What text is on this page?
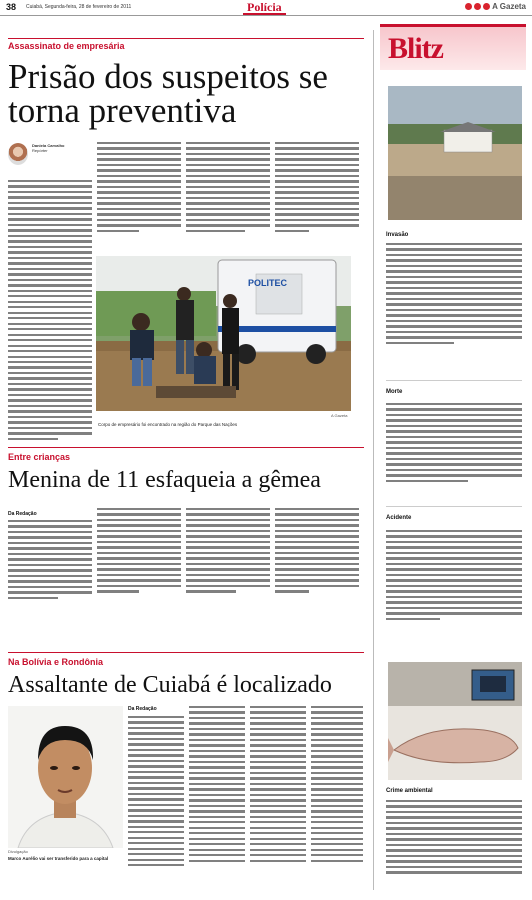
38 Cuiabá, Segunda-feira, 28 de fevereiro de 2011	Polícia	A Gazeta
Assassinato de empresária
Prisão dos suspeitos se torna preventiva
Daniela Carvalho
Repórter
POLITEC
Corpo de empresário foi encontrado na região do Parque das Nações
A Gazeta
Entre crianças
Menina de 11 esfaqueia a gêmea
Da Redação
Na Bolívia e Rondônia
Assaltante de Cuiabá é localizado
Divulgação
Marco Aurélio vai ser transferido para a capital
Da Redação
Blitz
Invasão
Morte
Acidente
Crime ambiental
